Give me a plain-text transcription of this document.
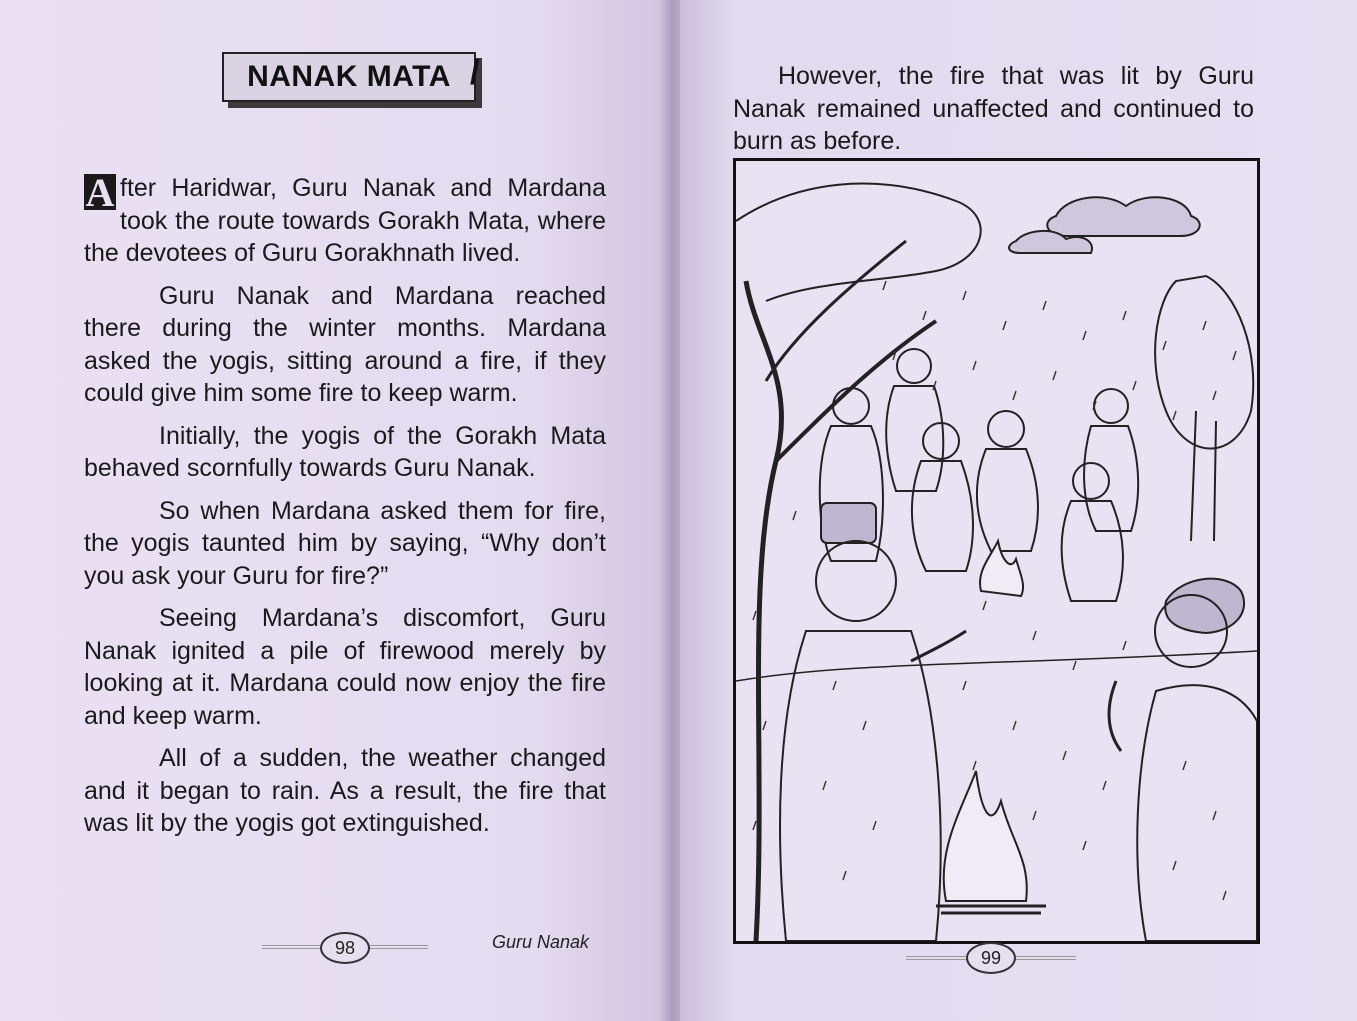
NANAK MATA /

A fter Haridwar, Guru Nanak and Mardana took the route towards Gorakh Mata, where the devotees of Guru Gorakhnath lived.

Guru Nanak and Mardana reached there during the winter months. Mardana asked the yogis, sitting around a fire, if they could give him some fire to keep warm.

Initially, the yogis of the Gorakh Mata behaved scornfully towards Guru Nanak.

So when Mardana asked them for fire, the yogis taunted him by saying, “Why don’t you ask your Guru for fire?”

Seeing Mardana’s discomfort, Guru Nanak ignited a pile of firewood merely by looking at it. Mardana could now enjoy the fire and keep warm.

All of a sudden, the weather changed and it began to rain. As a result, the fire that was lit by the yogis got extinguished.

98	Guru Nanak

However, the fire that was lit by Guru Nanak remained unaffected and continued to burn as before.

99
